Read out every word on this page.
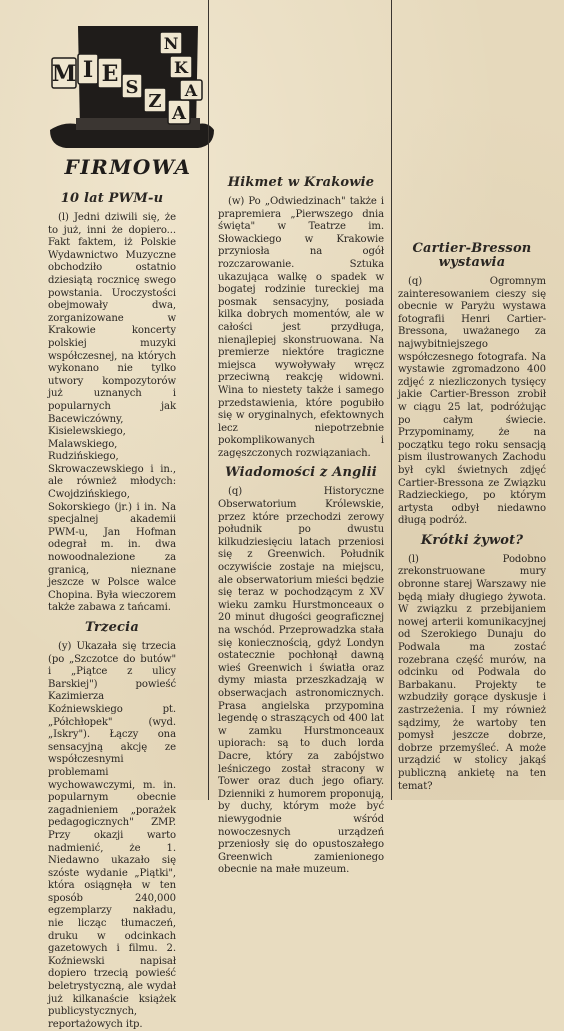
M I E
S
Z
A
N
K
A
FIRMOWA
10 lat PWM-u

(l) Jedni dziwili się, że to już, inni że dopiero... Fakt faktem, iż Polskie Wydawnictwo Muzyczne obchodziło ostatnio dziesiątą rocznicę swego powstania. Uroczystości obejmowały dwa, zorganizowane w Krakowie koncerty polskiej muzyki współczesnej, na których wykonano nie tylko utwory kompozytorów już uznanych i popularnych jak Bacewiczówny, Kisielewskiego, Malawskiego, Rudzińskiego, Skrowaczewskiego i in., ale również młodych: Cwojdzińskiego, Sokorskiego (jr.) i in. Na specjalnej akademii PWM-u, Jan Hofman odegrał m. in. dwa nowoodnalezione za granicą, nieznane jeszcze w Polsce walce Chopina. Była wieczorem także zabawa z tańcami.

Trzecia

(y) Ukazała się trzecia (po „Szczotce do butów" i „Piątce z ulicy Barskiej") powieść Kazimierza Koźniewskiego pt. „Półchłopek" (wyd. „Iskry"). Łączy ona sensacyjną akcję ze współczesnymi problemami wychowawczymi, m. in. popularnym obecnie zagadnieniem „porażek pedagogicznych" ZMP. Przy okazji warto nadmienić, że 1. Niedawno ukazało się szóste wydanie „Piątki", która osiągnęła w ten sposób 240,000 egzemplarzy nakładu, nie licząc tłumaczeń, druku w odcinkach gazetowych i filmu. 2. Koźniewski napisał dopiero trzecią powieść beletrystyczną, ale wydał już kilkanaście książek publicystycznych, reportażowych itp.

Hikmet w Krakowie

(w) Po „Odwiedzinach" także i prapremiera „Pierwszego dnia święta" w Teatrze im. Słowackiego w Krakowie przyniosła na ogół rozczarowanie. Sztuka ukazująca walkę o spadek w bogatej rodzinie tureckiej ma posmak sensacyjny, posiada kilka dobrych momentów, ale w całości jest przydługa, nienajlepiej skonstruowana. Na premierze niektóre tragiczne miejsca wywoływały wręcz przeciwną reakcję widowni. Wina to niestety także i samego przedstawienia, które pogubiło się w oryginalnych, efektownych lecz niepotrzebnie pokomplikowanych i zagęszczonych rozwiązaniach.

Wiadomości z Anglii

(q) Historyczne Obserwatorium Królewskie, przez które przechodzi zerowy południk po dwustu kilkudziesięciu latach przeniosi się z Greenwich. Południk oczywiście zostaje na miejscu, ale obserwatorium mieści będzie się teraz w pochodzącym z XV wieku zamku Hurstmonceaux o 20 minut długości geograficznej na wschód. Przeprowadzka stała się koniecznością, gdyż Londyn ostatecznie pochłonął dawną wieś Greenwich i światła oraz dymy miasta przeszkadzają w obserwacjach astronomicznych. Prasa angielska przypomina legendę o straszących od 400 lat w zamku Hurstmonceaux upiorach: są to duch lorda Dacre, który za zabójstwo leśniczego został stracony w Tower oraz duch jego ofiary. Dzienniki z humorem proponują, by duchy, którym może być niewygodnie wśród nowoczesnych urządzeń przeniosły się do opustoszałego Greenwich zamienionego obecnie na małe muzeum.

Cartier-Bresson wystawia

(q) Ogromnym zainteresowaniem cieszy się obecnie w Paryżu wystawa fotografii Henri Cartier-Bressona, uważanego za najwybitniejszego współczesnego fotografa. Na wystawie zgromadzono 400 zdjęć z niezliczonych tysięcy jakie Cartier-Bresson zrobił w ciągu 25 lat, podróżując po całym świecie. Przypominamy, że na początku tego roku sensacją pism ilustrowanych Zachodu był cykl świetnych zdjęć Cartier-Bressona ze Związku Radzieckiego, po którym artysta odbył niedawno długą podróż.

Krótki żywot?

(l) Podobno zrekonstruowane mury obronne starej Warszawy nie będą miały długiego żywota. W związku z przebijaniem nowej arterii komunikacyjnej od Szerokiego Dunaju do Podwala ma zostać rozebrana część murów, na odcinku od Podwala do Barbakanu. Projekty te wzbudziły gorące dyskusje i zastrzeżenia. I my również sądzimy, że wartoby ten pomysł jeszcze dobrze, dobrze przemyśleć. A może urządzić w stolicy jakąś publiczną ankietę na ten temat?
